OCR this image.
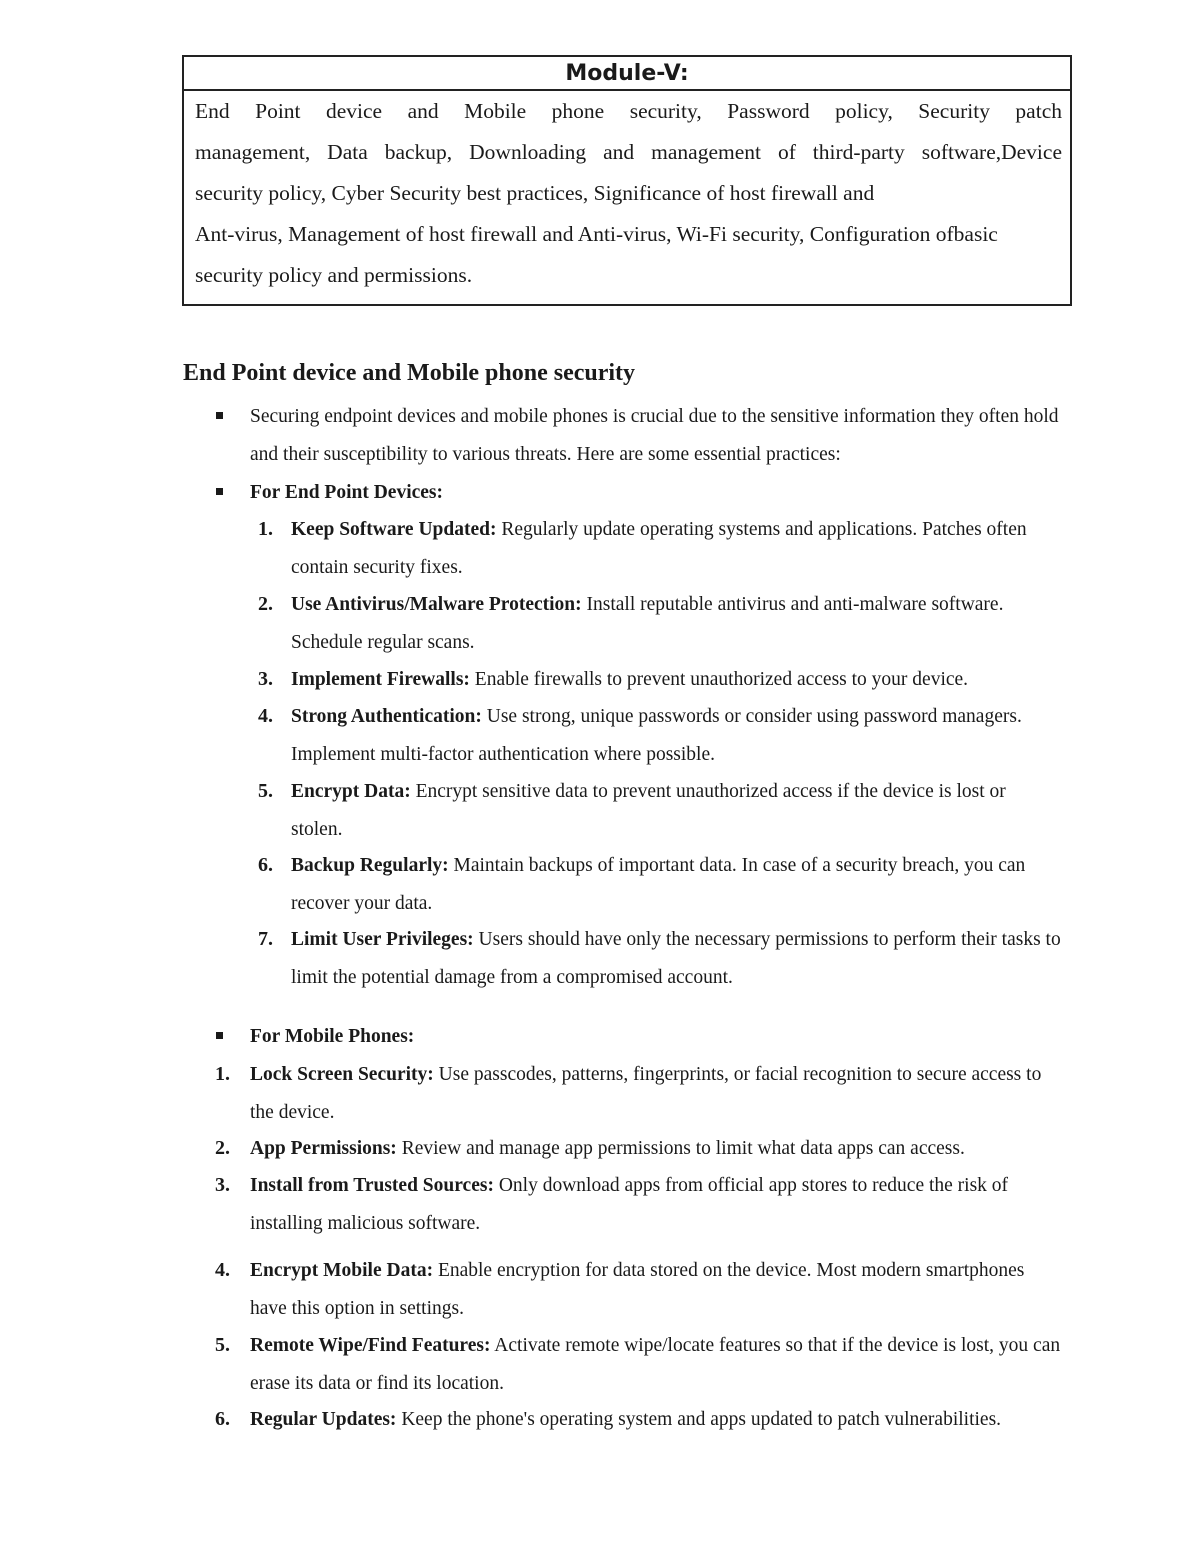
Module-V:
End Point device and Mobile phone security, Password policy, Security patch
management, Data backup, Downloading and management of third-party software,Device
security policy, Cyber Security best practices, Significance of host firewall and
Ant-virus, Management of host firewall and Anti-virus, Wi-Fi security, Configuration ofbasic
security policy and permissions.
End Point device and Mobile phone security
Securing endpoint devices and mobile phones is crucial due to the sensitive information they often hold and their susceptibility to various threats. Here are some essential practices:
For End Point Devices:
1. Keep Software Updated: Regularly update operating systems and applications. Patches often contain security fixes.
2. Use Antivirus/Malware Protection: Install reputable antivirus and anti-malware software. Schedule regular scans.
3. Implement Firewalls: Enable firewalls to prevent unauthorized access to your device.
4. Strong Authentication: Use strong, unique passwords or consider using password managers. Implement multi-factor authentication where possible.
5. Encrypt Data: Encrypt sensitive data to prevent unauthorized access if the device is lost or stolen.
6. Backup Regularly: Maintain backups of important data. In case of a security breach, you can recover your data.
7. Limit User Privileges: Users should have only the necessary permissions to perform their tasks to limit the potential damage from a compromised account.
For Mobile Phones:
1. Lock Screen Security: Use passcodes, patterns, fingerprints, or facial recognition to secure access to the device.
2. App Permissions: Review and manage app permissions to limit what data apps can access.
3. Install from Trusted Sources: Only download apps from official app stores to reduce the risk of installing malicious software.
4. Encrypt Mobile Data: Enable encryption for data stored on the device. Most modern smartphones have this option in settings.
5. Remote Wipe/Find Features: Activate remote wipe/locate features so that if the device is lost, you can erase its data or find its location.
6. Regular Updates: Keep the phone's operating system and apps updated to patch vulnerabilities.
